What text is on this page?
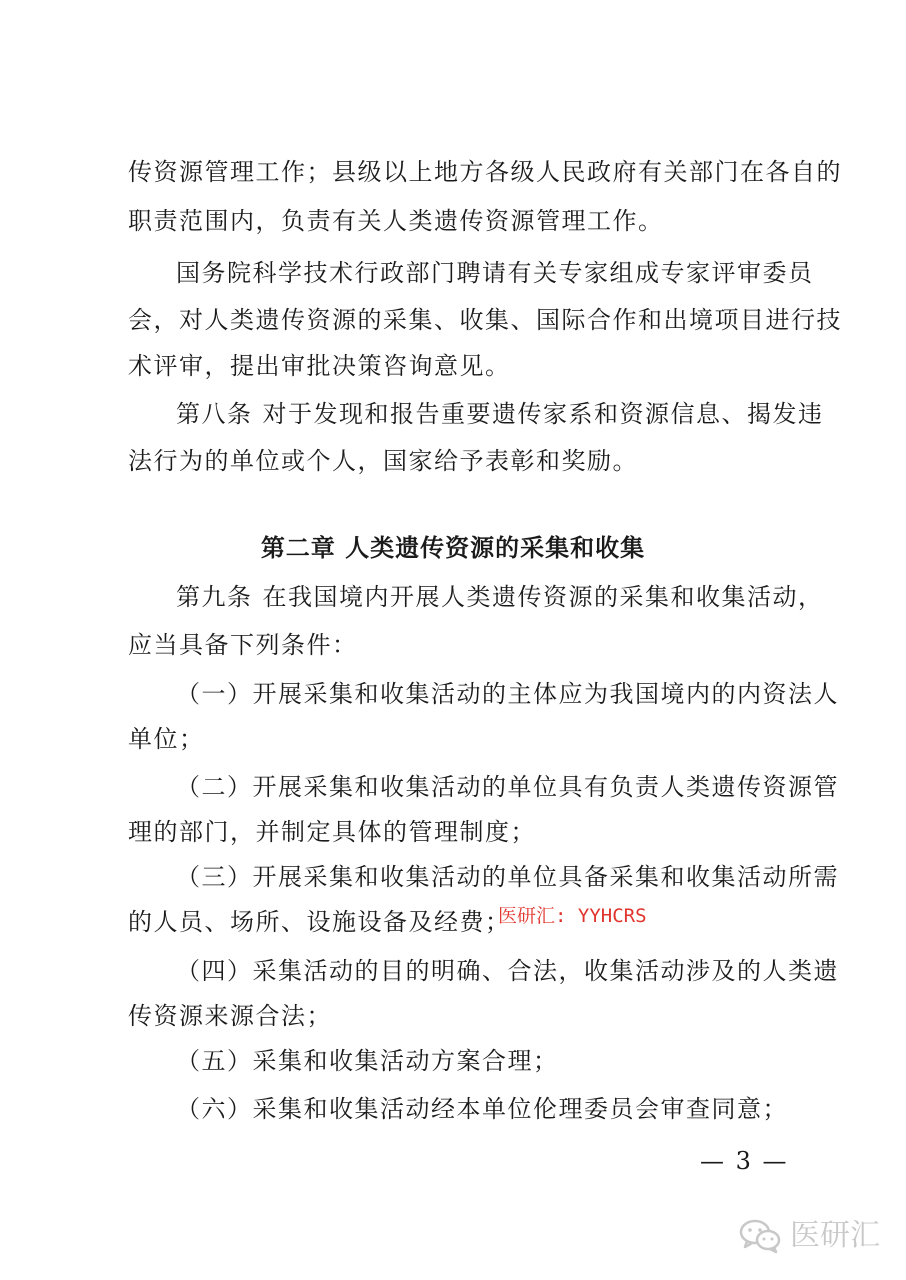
传资源管理工作；县级以上地方各级人民政府有关部门在各自的
职责范围内，负责有关人类遗传资源管理工作。
国务院科学技术行政部门聘请有关专家组成专家评审委员
会，对人类遗传资源的采集、收集、国际合作和出境项目进行技
术评审，提出审批决策咨询意见。
第八条 对于发现和报告重要遗传家系和资源信息、揭发违
法行为的单位或个人，国家给予表彰和奖励。
第二章 人类遗传资源的采集和收集
第九条 在我国境内开展人类遗传资源的采集和收集活动，
应当具备下列条件：
（一）开展采集和收集活动的主体应为我国境内的内资法人
单位；
（二）开展采集和收集活动的单位具有负责人类遗传资源管
理的部门，并制定具体的管理制度；
（三）开展采集和收集活动的单位具备采集和收集活动所需
的人员、场所、设施设备及经费；
医研汇: YYHCRS
（四）采集活动的目的明确、合法，收集活动涉及的人类遗
传资源来源合法；
（五）采集和收集活动方案合理；
（六）采集和收集活动经本单位伦理委员会审查同意；
— 3 —
医研汇
